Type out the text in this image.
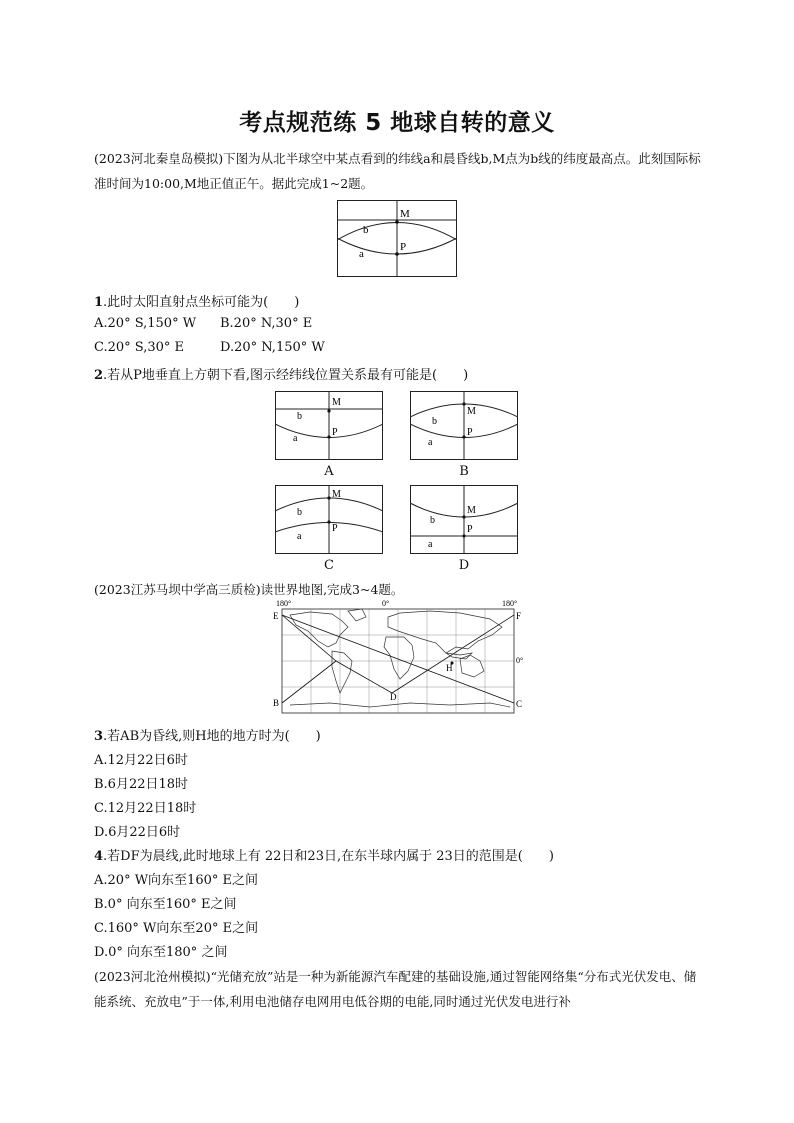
考点规范练 5 地球自转的意义
(2023河北秦皇岛模拟)下图为从北半球空中某点看到的纬线a和晨昏线b,M点为b线的纬度最高点。此刻国际标准时间为10:00,M地正值正午。据此完成1~2题。
M
P
b
a
1.此时太阳直射点坐标可能为(　　)
A.20° S,150° W B.20° N,30° E
C.20° S,30° E	D.20° N,150° W
2.若从P地垂直上方朝下看,图示经纬线位置关系最有可能是(　　)
M
P
b
a
A
M
P
b
a
B
M
P
b
a
C
M
P
b
a
D
(2023江苏马坝中学高三质检)读世界地图,完成3~4题。
180°	0°	180°
E	F
B	C
D
H
0°
3.若AB为昏线,则H地的地方时为(　　)
A.12月22日6时
B.6月22日18时
C.12月22日18时
D.6月22日6时
4.若DF为晨线,此时地球上有 22日和23日,在东半球内属于 23日的范围是(　　)
A.20° W向东至160° E之间
B.0° 向东至160° E之间
C.160° W向东至20° E之间
D.0° 向东至180° 之间
(2023河北沧州模拟)“光储充放”站是一种为新能源汽车配建的基础设施,通过智能网络集“分布式光伏发电、储能系统、充放电”于一体,利用电池储存电网用电低谷期的电能,同时通过光伏发电进行补
